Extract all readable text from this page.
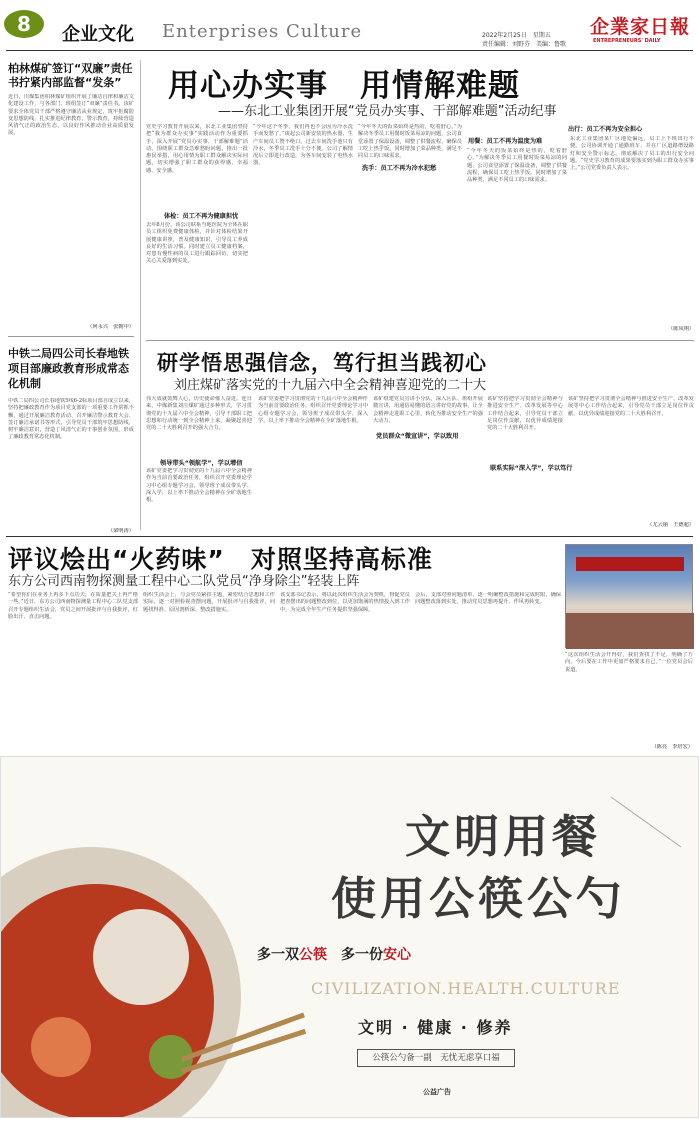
8	企业文化 Enterprises Culture	2022年2月25日　星期五
责任编辑：刘野芬　美编：鲁歌
企業家日報
ENTREPRENEURS' DAILY
柏林煤矿签订“双廉”责任书拧紧内部监督“发条”
近日，川煤集团柏林煤矿组织开展了廉洁自律和廉洁文化建设工作，与各部门、班组签订“双廉”责任书。该矿要求全体党员干部严格遵守廉洁从业规定，筑牢拒腐防变思想防线，扎实推进纪律教育、警示教育，持续营造风清气正的政治生态，以良好作风推动企业高质量发展。
（何永兴　张朝中）
中铁二局四公司长春地铁项目部廉政教育形成常态化机制
中铁二局四公司长春地铁5线6-2标项目部自成立以来，坚持把廉政教育作为项目党支部的一项重要工作常抓不懈，通过开展廉洁教育活动、召开廉洁警示教育大会、签订廉洁承诺书等形式，引导党员干部筑牢思想防线，树牢廉洁意识，营造了风清气正的干事创业氛围，形成了廉政教育常态化机制。
（梁明涛）
用心办实事　用情解难题
——东北工业集团开展“党员办实事、干部解难题”活动纪事
党史学习教育开展以来，东北工业集团坚持把“我为群众办实事”实践活动作为重要抓手，深入开展“党员办实事、干部解难题”活动，围绕职工群众急难愁盼问题，推出一批惠民举措，用心用情为职工群众解决实际问题，切实增强了职工群众的获得感、幸福感、安全感。
体检：员工不再为健康担忧
去年8月份，该公司联系当地医院为全体在职员工组织免费健康体检，并针对体检结果开展健康讲座，普及健康知识，引导员工养成良好的生活习惯。同时建立员工健康档案，对患有慢性病的员工进行跟踪回访，切实把关心关爱落到实处。
“今年这个冬季，我们再也不会因为冷水洗手而发愁了。”谈起公司新安装的热水器，生产车间员工赞不绝口。过去车间洗手池只有冷水，冬季员工洗手十分不便。公司了解情况后立即进行改造，为各车间安装了电热水器。
洗手：员工不再为冷水犯愁
“今年冬天的饭菜始终是热的，吃着舒心。”为解决冬季员工用餐时饭菜易凉的问题，公司食堂添置了保温设备，调整了供餐流程，确保员工吃上热乎饭。同时增加了菜品种类，满足不同员工的口味需求。
用餐：员工不再为温度为难
“今年冬天的饭菜始终是热的，吃着舒心。”为解决冬季员工用餐时饭菜易凉的问题，公司食堂添置了保温设备，调整了供餐流程，确保员工吃上热乎饭。同时增加了菜品种类，满足不同员工的口味需求。
出行：员工不再为安全担心
东北工业集团某厂区地处偏远，员工上下班出行不便。公司协调开通了通勤班车，并在厂区道路增设路灯和安全警示标志，彻底解决了员工的出行安全问题。“党史学习教育的成果要落实到为职工群众办实事上。”公司党委负责人表示。
（陈凤翔）
研学悟思强信念，笃行担当践初心
刘庄煤矿落实党的十九届六中全会精神喜迎党的二十大
伟大成就鼓舞人心，历史使命催人奋进。连日来，中煤新集刘庄煤矿通过多种形式，学习贯彻党的十九届六中全会精神，引导干部职工把思想和行动统一到全会精神上来，凝聚起喜迎党的二十大胜利召开的强大合力。
领导带头“领航学”，学以增信
该矿党委把学习贯彻党的十九届六中全会精神作为当前首要政治任务，组织召开党委理论学习中心组专题学习会，领导班子成员带头学、深入学，以上率下推动全会精神在全矿落地生根。
该矿党委把学习贯彻党的十九届六中全会精神作为当前首要政治任务，组织召开党委理论学习中心组专题学习会，领导班子成员带头学、深入学，以上率下推动全会精神在全矿落地生根。
党员群众“微宣讲”，学以致用
该矿组建党员宣讲小分队，深入区队、班组开展微宣讲，用通俗易懂的语言讲好党的故事，让全会精神走进职工心里，转化为推动安全生产的强大动力。
联系实际“深入学”，学以笃行
该矿坚持把学习贯彻全会精神与推进安全生产、改革发展等中心工作结合起来，引导党员干部立足岗位作贡献，以优异成绩迎接党的二十大胜利召开。
该矿坚持把学习贯彻全会精神与推进安全生产、改革发展等中心工作结合起来，引导党员干部立足岗位作贡献，以优异成绩迎接党的二十大胜利召开。
（尤云丽　王德超）
评议烩出“火药味”　对照坚持高标准
东方公司西南物探测量工程中心二队党员“净身除尘”轻装上阵
“希望你们在业务上再多下点功夫，在质量把关上再严格一些。”近日，东方公司西南物探测量工程中心二队党支部召开专题组织生活会，党员之间开展批评与自我批评，红脸出汗、直击问题。
组织生活会上，与会党员紧扣主题，紧密结合思想和工作实际，逐一对照检视查摆问题，开展批评与自我批评，问题找得准、原因剖析深、整改措施实。
该支部书记表示，将以此次组织生活会为契机，督促党员把查摆出的问题整改到位，以更加饱满的热情投入到工作中，为完成全年生产任务提供坚强保障。
会后，支部对照问题清单，逐一明确整改措施和完成时限，确保问题整改落到实处，推动党员思想再提升、作风再转变。
“这次组织生活会开得好，我们查找了不足，明确了方向，今后要在工作中更加严格要求自己。”一位党员会后说道。
（陈亮　李培宏）
文明用餐
使用公筷公勺
多一双公筷　 多一份安心
CIVILIZATION.HEALTH.CULTURE
文明 · 健康 · 修养
公筷公勺备一副　无忧无虑享口福
公益广告
